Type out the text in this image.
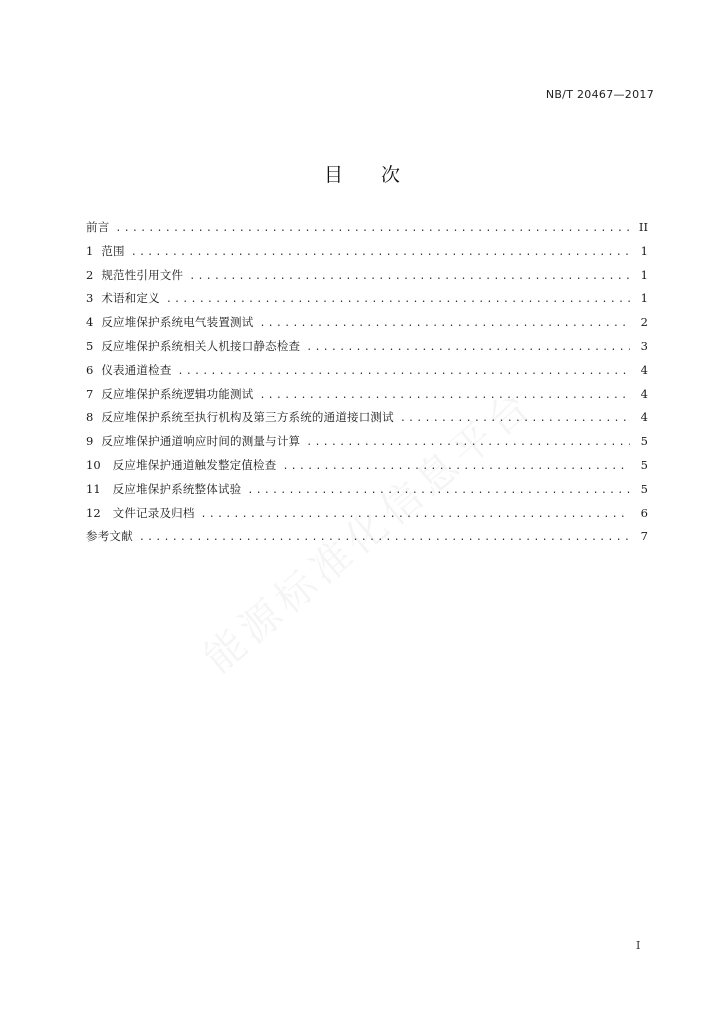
NB/T 20467—2017
目次
前言 .....	II
1 范围 .....	1
2 规范性引用文件 .....	1
3 术语和定义 .....	1
4 反应堆保护系统电气装置测试 .....	2
5 反应堆保护系统相关人机接口静态检查 .....	3
6 仪表通道检查 .....	4
7 反应堆保护系统逻辑功能测试 .....	4
8 反应堆保护系统至执行机构及第三方系统的通道接口测试 .....	4
9 反应堆保护通道响应时间的测量与计算 .....	5
10 反应堆保护通道触发整定值检查 .....	5
11 反应堆保护系统整体试验 .....	5
12 文件记录及归档 .....	6
参考文献 .....	7
I
